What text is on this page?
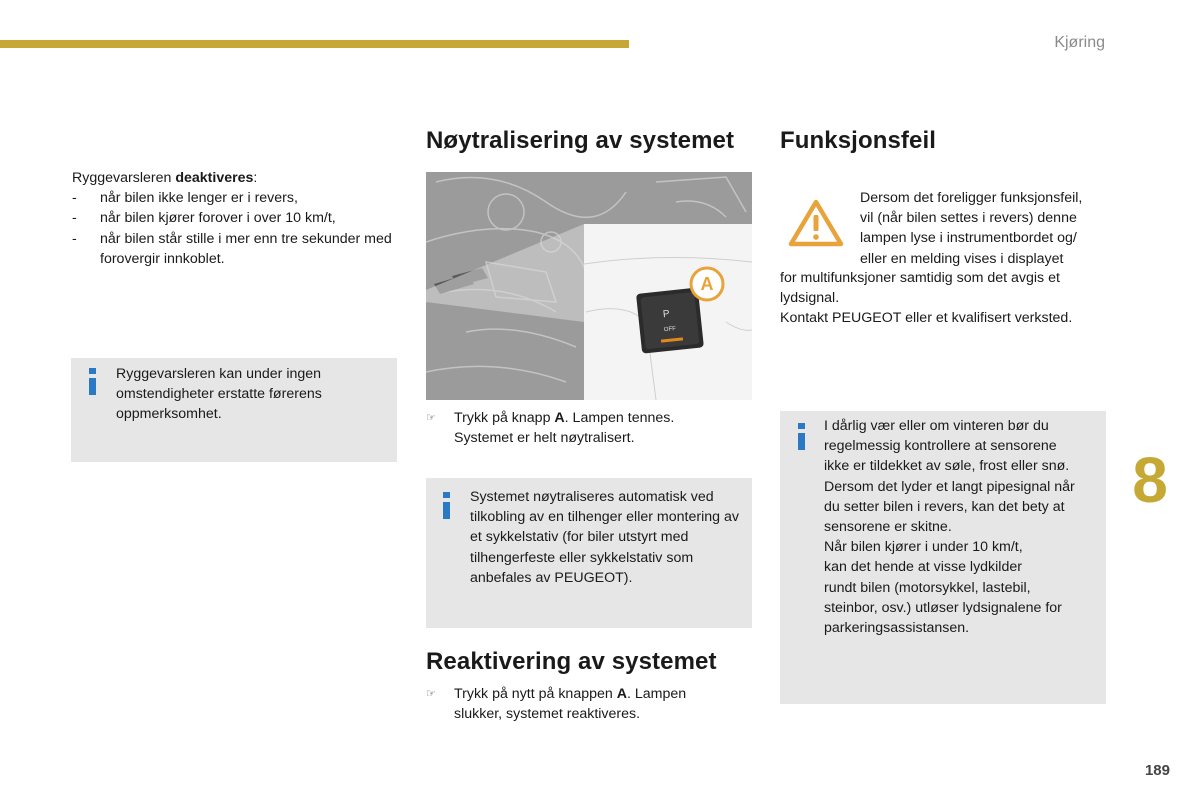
Kjøring
Ryggevarsleren deaktiveres:
- når bilen ikke lenger er i revers,
- når bilen kjører forover i over 10 km/t,
- når bilen står stille i mer enn tre sekunder med forovergir innkoblet.
Ryggevarsleren kan under ingen omstendigheter erstatte førerens oppmerksomhet.
Nøytralisering av systemet
P
OFF
A
☞	Trykk på knapp A. Lampen tennes. Systemet er helt nøytralisert.
Systemet nøytraliseres automatisk ved tilkobling av en tilhenger eller montering av et sykkelstativ (for biler utstyrt med tilhengerfeste eller sykkelstativ som anbefales av PEUGEOT).
Reaktivering av systemet
☞	Trykk på nytt på knappen A. Lampen slukker, systemet reaktiveres.
Funksjonsfeil
Dersom det foreligger funksjonsfeil,
vil (når bilen settes i revers) denne
lampen lyse i instrumentbordet og/
eller en melding vises i displayet
for multifunksjoner samtidig som det avgis et lydsignal.
Kontakt PEUGEOT eller et kvalifisert verksted.
I dårlig vær eller om vinteren bør du
regelmessig kontrollere at sensorene
ikke er tildekket av søle, frost eller snø.
Dersom det lyder et langt pipesignal når
du setter bilen i revers, kan det bety at
sensorene er skitne.
Når bilen kjører i under 10 km/t,
kan det hende at visse lydkilder
rundt bilen (motorsykkel, lastebil,
steinbor, osv.) utløser lydsignalene for
parkeringsassistansen.
8
189
